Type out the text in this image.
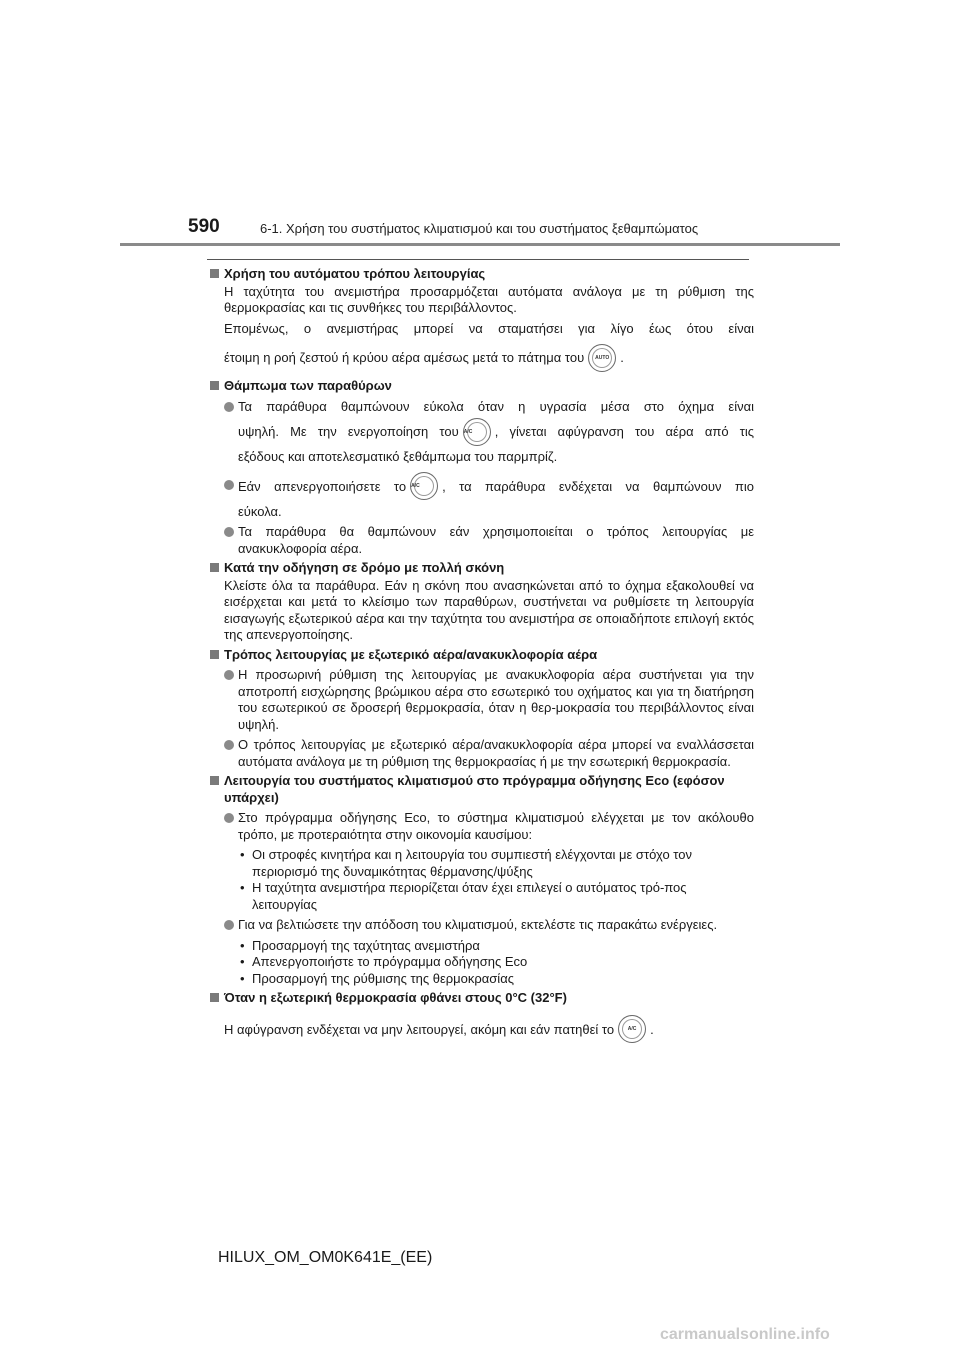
590	6-1. Χρήση του συστήματος κλιματισμού και του συστήματος ξεθαμπώματος
Χρήση του αυτόματου τρόπου λειτουργίας
Η ταχύτητα του ανεμιστήρα προσαρμόζεται αυτόματα ανάλογα με τη ρύθμιση της θερμοκρασίας και τις συνθήκες του περιβάλλοντος.
Επομένως, ο ανεμιστήρας μπορεί να σταματήσει για λίγο έως ότου είναι
έτοιμη η ροή ζεστού ή κρύου αέρα αμέσως μετά το πάτημα του AUTO .
Θάμπωμα των παραθύρων
Τα παράθυρα θαμπώνουν εύκολα όταν η υγρασία μέσα στο όχημα είναι
υψηλή. Με την ενεργοποίηση του A/C , γίνεται αφύγρανση του αέρα από τις
εξόδους και αποτελεσματικό ξεθάμπωμα του παρμπρίζ.
Εάν απενεργοποιήσετε το A/C , τα παράθυρα ενδέχεται να θαμπώνουν πιο
εύκολα.
Τα παράθυρα θα θαμπώνουν εάν χρησιμοποιείται ο τρόπος λειτουργίας με ανακυκλοφορία αέρα.
Κατά την οδήγηση σε δρόμο με πολλή σκόνη
Κλείστε όλα τα παράθυρα. Εάν η σκόνη που ανασηκώνεται από το όχημα εξακολουθεί να εισέρχεται και μετά το κλείσιμο των παραθύρων, συστήνεται να ρυθμίσετε τη λειτουργία εισαγωγής εξωτερικού αέρα και την ταχύτητα του ανεμιστήρα σε οποιαδήποτε επιλογή εκτός της απενεργοποίησης.
Τρόπος λειτουργίας με εξωτερικό αέρα/ανακυκλοφορία αέρα
Η προσωρινή ρύθμιση της λειτουργίας με ανακυκλοφορία αέρα συστήνεται για την αποτροπή εισχώρησης βρώμικου αέρα στο εσωτερικό του οχήματος και για τη διατήρηση του εσωτερικού σε δροσερή θερμοκρασία, όταν η θερ-μοκρασία του περιβάλλοντος είναι υψηλή.
Ο τρόπος λειτουργίας με εξωτερικό αέρα/ανακυκλοφορία αέρα μπορεί να εναλλάσσεται αυτόματα ανάλογα με τη ρύθμιση της θερμοκρασίας ή με την εσωτερική θερμοκρασία.
Λειτουργία του συστήματος κλιματισμού στο πρόγραμμα οδήγησης Eco (εφόσον υπάρχει)
Στο πρόγραμμα οδήγησης Eco, το σύστημα κλιματισμού ελέγχεται με τον ακόλουθο τρόπο, με προτεραιότητα στην οικονομία καυσίμου:
• Οι στροφές κινητήρα και η λειτουργία του συμπιεστή ελέγχονται με στόχο τον περιορισμό της δυναμικότητας θέρμανσης/ψύξης
• Η ταχύτητα ανεμιστήρα περιορίζεται όταν έχει επιλεγεί ο αυτόματος τρό-πος λειτουργίας
Για να βελτιώσετε την απόδοση του κλιματισμού, εκτελέστε τις παρακάτω ενέργειες.
• Προσαρμογή της ταχύτητας ανεμιστήρα
• Απενεργοποιήστε το πρόγραμμα οδήγησης Eco
• Προσαρμογή της ρύθμισης της θερμοκρασίας
Όταν η εξωτερική θερμοκρασία φθάνει στους 0°C (32°F)
Η αφύγρανση ενδέχεται να μην λειτουργεί, ακόμη και εάν πατηθεί το	A/C .
HILUX_OM_OM0K641E_(EE)
carmanualsonline.info
